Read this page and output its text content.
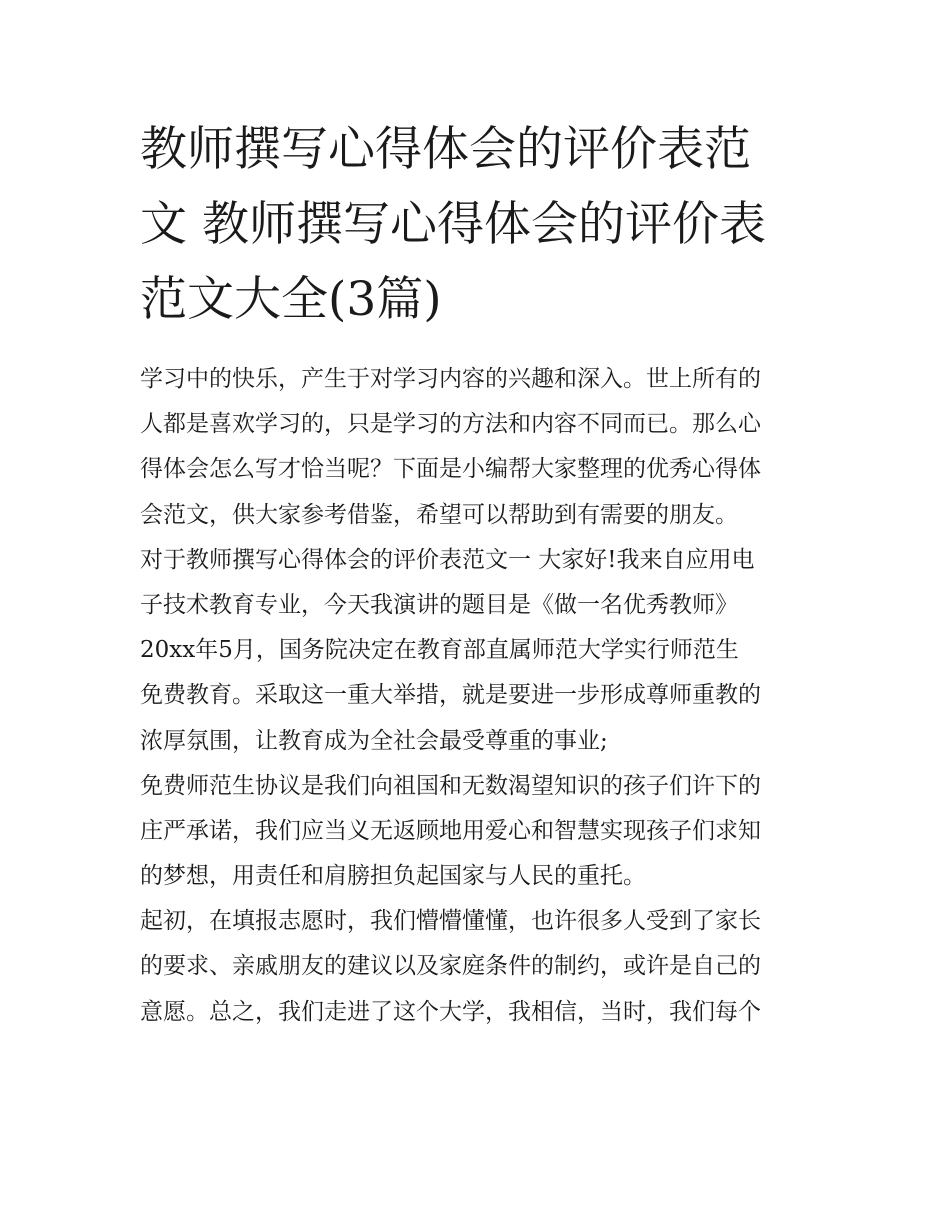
教师撰写心得体会的评价表范
文 教师撰写心得体会的评价表
范文大全(3篇)
学习中的快乐，产生于对学习内容的兴趣和深入。世上所有的
人都是喜欢学习的，只是学习的方法和内容不同而已。那么心
得体会怎么写才恰当呢？下面是小编帮大家整理的优秀心得体
会范文，供大家参考借鉴，希望可以帮助到有需要的朋友。
对于教师撰写心得体会的评价表范文一 大家好!我来自应用电
子技术教育专业，今天我演讲的题目是《做一名优秀教师》
20xx年5月，国务院决定在教育部直属师范大学实行师范生
免费教育。采取这一重大举措，就是要进一步形成尊师重教的
浓厚氛围，让教育成为全社会最受尊重的事业;
免费师范生协议是我们向祖国和无数渴望知识的孩子们许下的
庄严承诺，我们应当义无返顾地用爱心和智慧实现孩子们求知
的梦想，用责任和肩膀担负起国家与人民的重托。
起初，在填报志愿时，我们懵懵懂懂，也许很多人受到了家长
的要求、亲戚朋友的建议以及家庭条件的制约，或许是自己的
意愿。总之，我们走进了这个大学，我相信，当时，我们每个
